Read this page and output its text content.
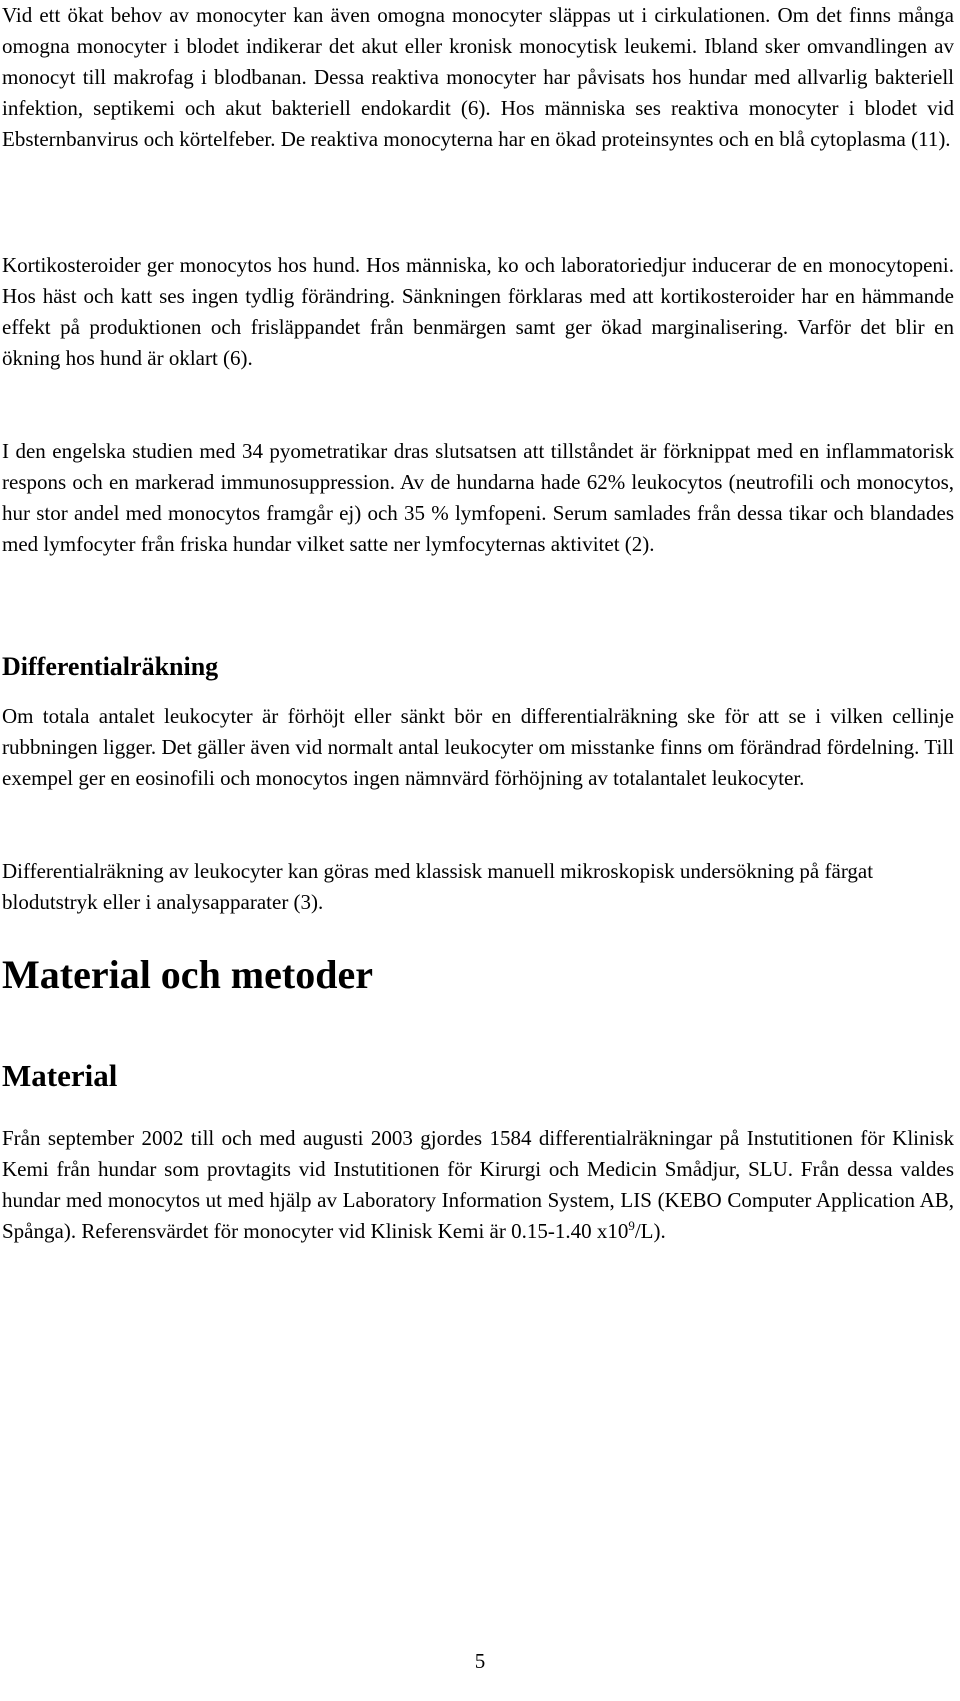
Vid ett ökat behov av monocyter kan även omogna monocyter släppas ut i cirkulationen. Om det finns många omogna monocyter i blodet indikerar det akut eller kronisk monocytisk leukemi. Ibland sker omvandlingen av monocyt till makrofag i blodbanan. Dessa reaktiva monocyter har påvisats hos hundar med allvarlig bakteriell infektion, septikemi och akut bakteriell endokardit (6). Hos människa ses reaktiva monocyter i blodet vid Ebsternbanvirus och körtelfeber. De reaktiva monocyterna har en ökad proteinsyntes och en blå cytoplasma (11).

Kortikosteroider ger monocytos hos hund. Hos människa, ko och laboratoriedjur inducerar de en monocytopeni. Hos häst och katt ses ingen tydlig förändring. Sänkningen förklaras med att kortikosteroider har en hämmande effekt på produktionen och frisläppandet från benmärgen samt ger ökad marginalisering. Varför det blir en ökning hos hund är oklart (6).

I den engelska studien med 34 pyometratikar dras slutsatsen att tillståndet är förknippat med en inflammatorisk respons och en markerad immunosuppression. Av de hundarna hade 62% leukocytos (neutrofili och monocytos, hur stor andel med monocytos framgår ej) och 35 % lymfopeni. Serum samlades från dessa tikar och blandades med lymfocyter från friska hundar vilket satte ner lymfocyternas aktivitet (2).

Differentialräkning

Om totala antalet leukocyter är förhöjt eller sänkt bör en differentialräkning ske för att se i vilken cellinje rubbningen ligger. Det gäller även vid normalt antal leukocyter om misstanke finns om förändrad fördelning. Till exempel ger en eosinofili och monocytos ingen nämnvärd förhöjning av totalantalet leukocyter.

Differentialräkning av leukocyter kan göras med klassisk manuell mikroskopisk undersökning på färgat blodutstryk eller i analysapparater (3).

Material och metoder
Material

Från september 2002 till och med augusti 2003 gjordes 1584 differentialräkningar på Instutitionen för Klinisk Kemi från hundar som provtagits vid Instutitionen för Kirurgi och Medicin Smådjur, SLU. Från dessa valdes hundar med monocytos ut med hjälp av Laboratory Information System, LIS (KEBO Computer Application AB, Spånga). Referensvärdet för monocyter vid Klinisk Kemi är 0.15-1.40 $x10^9/L$).

5
